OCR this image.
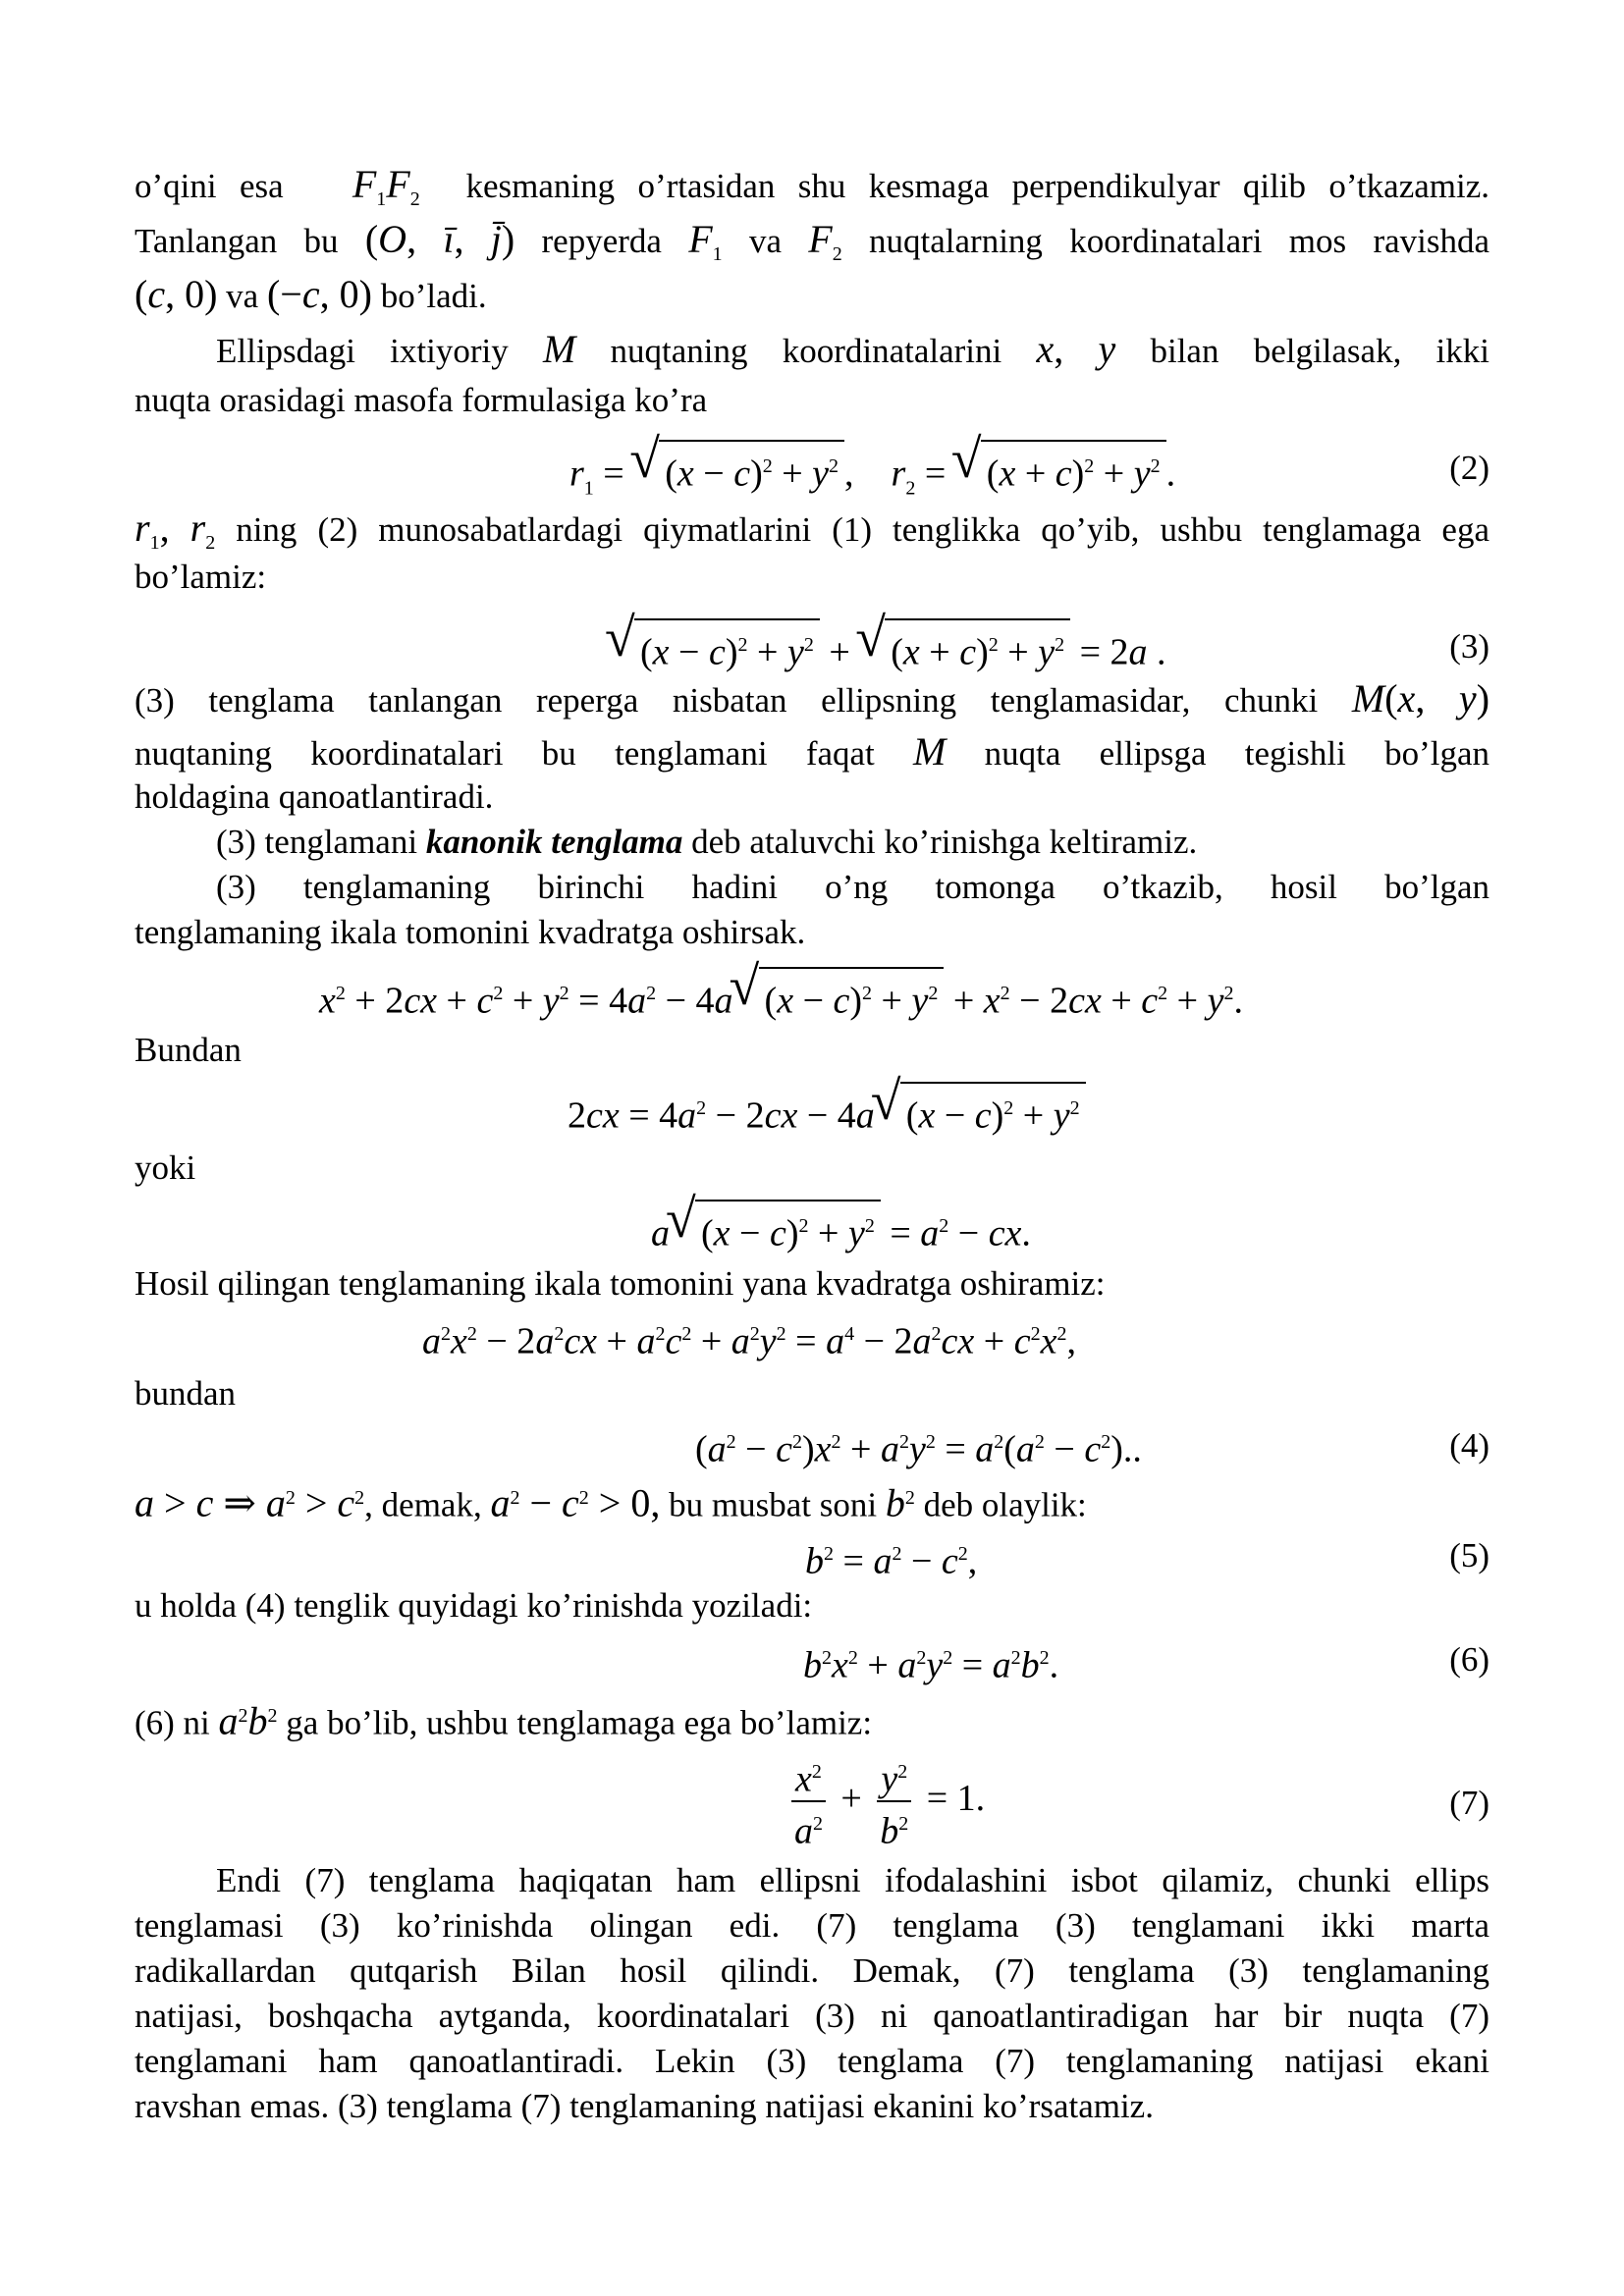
o’qini esa   $F_1F_2$  kesmaning o’rtasidan shu kesmaga perpendikulyar qilib o’tkazamiz.
Tanlangan bu (O, ī, j̄) repyerda $F_1$ va $F_2$ nuqtalarning koordinatalari mos ravishda
(c, 0) va (−c, 0) bo’ladi.
Ellipsdagi ixtiyoriy M nuqtaning koordinatalarini x, y bilan belgilasak, ikki
nuqta orasidagi masofa formulasiga ko’ra
$r_1$ = √ $(x - c)^2 + y^2$ ,    $r_2$ = √ $(x + c)^2 + y^2$ .	(2)
$r_1$, $r_2$ ning (2) munosabatlardagi qiymatlarini (1) tenglikka qo’yib, ushbu tenglamaga ega
bo’lamiz:
√ $(x - c)^2 + y^2$ + √ $(x + c)^2 + y^2 = 2a$ .	(3)
(3) tenglama tanlangan reperga nisbatan ellipsning tenglamasidar, chunki M(x, y)
nuqtaning koordinatalari bu tenglamani faqat M nuqta ellipsga tegishli bo’lgan
holdagina qanoatlantiradi.
(3) tenglamani kanonik tenglama deb ataluvchi ko’rinishga keltiramiz.
(3) tenglamaning birinchi hadini o’ng tomonga o’tkazib, hosil bo’lgan
tenglamaning ikala tomonini kvadratga oshirsak.
$x^2 + 2cx + c^2 + y^2 = 4a^2 - 4a√$ $(x - c)^2 + y^2 + x^2 - 2cx + c^2 + y^2$.
Bundan
$2cx = 4a^2 - 2cx - 4a√$ $(x - c)^2 + y^2$
yoki
a√ $(x - c)^2 + y^2 = a^2$ − cx.
Hosil qilingan tenglamaning ikala tomonini yana kvadratga oshiramiz:
$a^2x^2 - 2a^2cx + a^2c^2 + a^2y^2 = a^4 - 2a^2cx + c^2x^2$,
bundan
$(a^2 - c^2)x^2 + a^2y^2 = a^2(a^2 - c^2)$..	(4)
a > c ⇒ $a^2 > c^2$, demak, $a^2 - c^2 > 0$, bu musbat soni $b^2$ deb olaylik:
$b^2 = a^2 - c^2$,	(5)
u holda (4) tenglik quyidagi ko’rinishda yoziladi:
$b^2x^2 + a^2y^2 = a^2b^2$.	(6)
(6) ni $a^2b^2$ ga bo’lib, ushbu tenglamaga ega bo’lamiz:
$\frac{x^2}{a^2} + \frac{y^2}{b^2} = 1$.	(7)
Endi (7) tenglama haqiqatan ham ellipsni ifodalashini isbot qilamiz, chunki ellips
tenglamasi (3) ko’rinishda olingan edi. (7) tenglama (3) tenglamani ikki marta
radikallardan qutqarish Bilan hosil qilindi. Demak, (7) tenglama (3) tenglamaning
natijasi, boshqacha aytganda, koordinatalari (3) ni qanoatlantiradigan har bir nuqta (7)
tenglamani ham qanoatlantiradi. Lekin (3) tenglama (7) tenglamaning natijasi ekani
ravshan emas. (3) tenglama (7) tenglamaning natijasi ekanini ko’rsatamiz.
